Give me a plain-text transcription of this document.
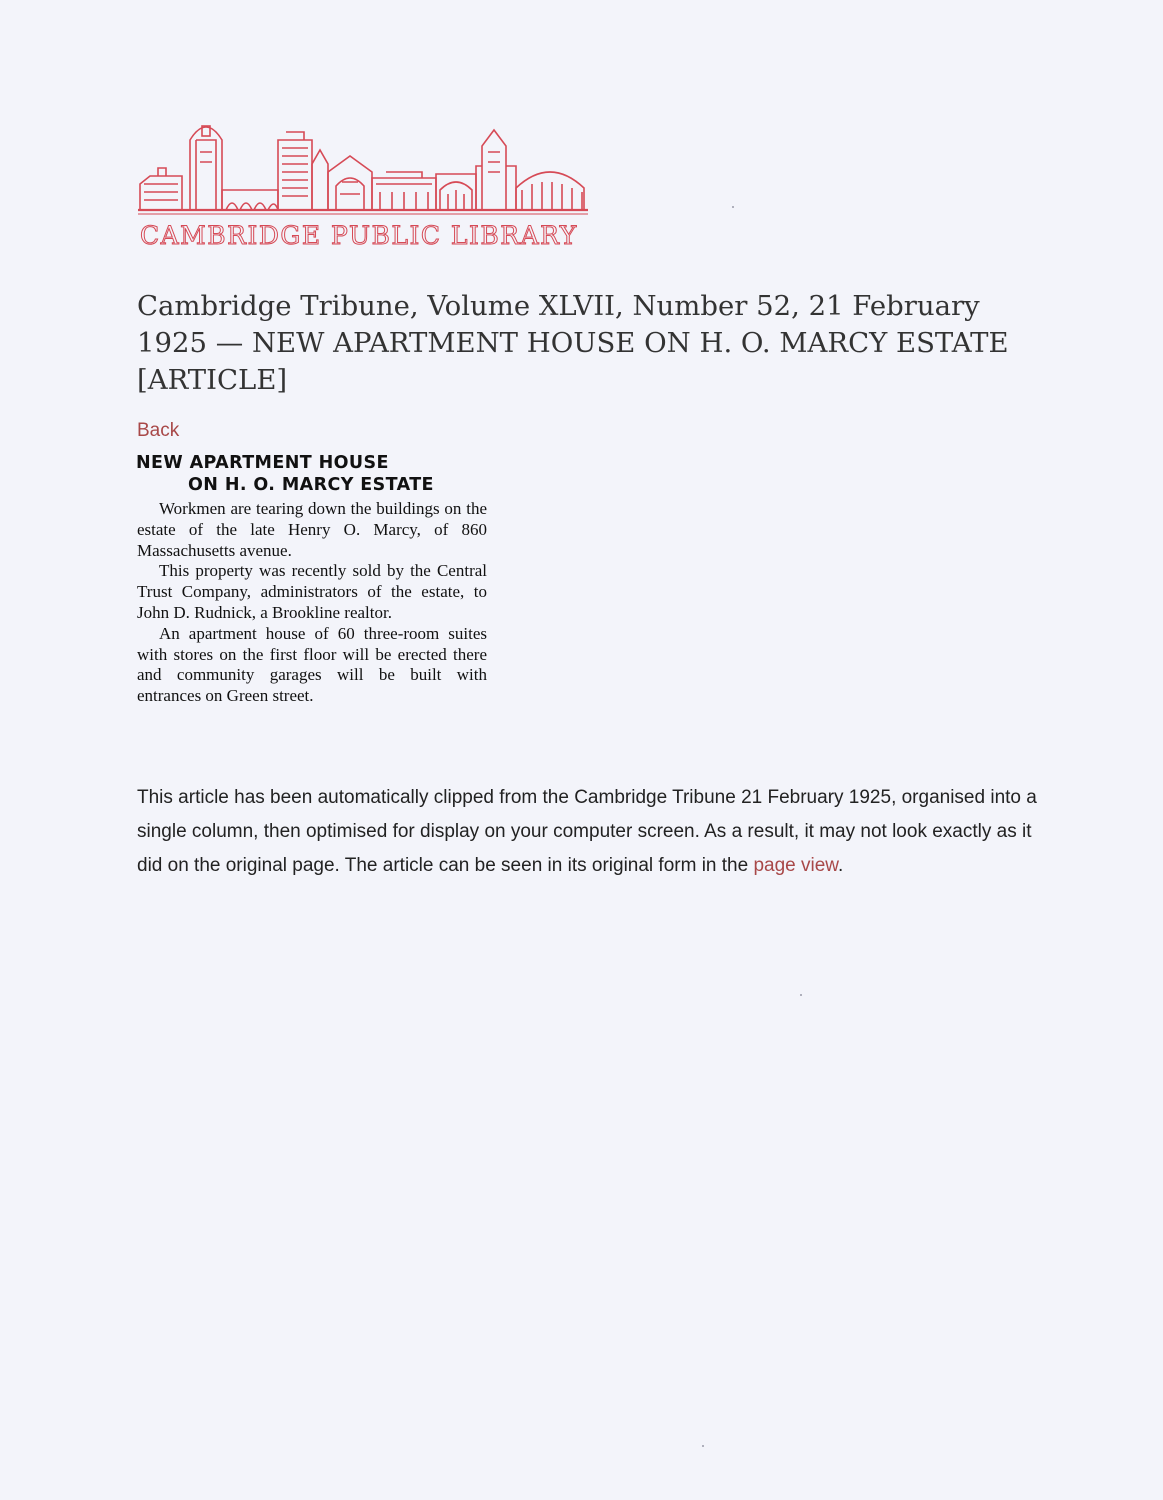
CAMBRIDGE PUBLIC LIBRARY
Cambridge Tribune, Volume XLVII, Number 52, 21 February 1925 — NEW APARTMENT HOUSE ON H. O. MARCY ESTATE [ARTICLE]
Back
NEW APARTMENT HOUSE
ON H. O. MARCY ESTATE

Workmen are tearing down the buildings on the estate of the late Henry O. Marcy, of 860 Massachusetts avenue.

This property was recently sold by the Central Trust Company, administrators of the estate, to John D. Rudnick, a Brookline realtor.

An apartment house of 60 three-room suites with stores on the first floor will be erected there and community garages will be built with entrances on Green street.

This article has been automatically clipped from the Cambridge Tribune 21 February 1925, organised into a single column, then optimised for display on your computer screen. As a result, it may not look exactly as it did on the original page. The article can be seen in its original form in the page view.
